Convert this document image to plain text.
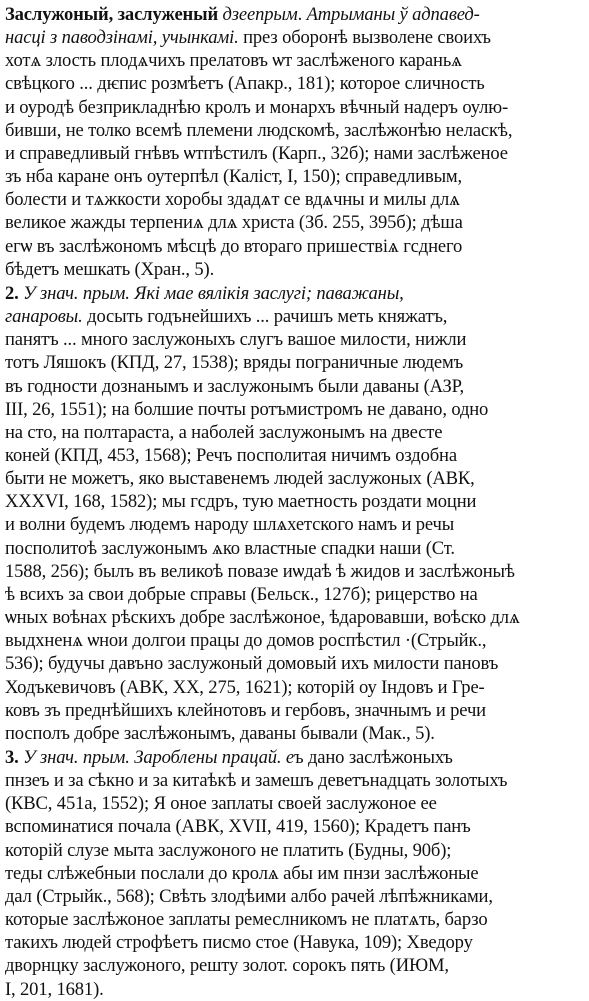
Заслужоный, заслуженый дзеепрым. Атрыманы ў адпавед-
насці з паводзінамі, учынкамі. през оборонѣ вызволене своихъ
хотѧ злость плодѧчихъ прелатовъ ѡт заслѣженого караньѧ
свѣцкого ... дѥпис розмѣетъ (Апакр., 181); которое сличность
и оуродѣ безприкладнѣю кролъ и монархъ вѣчный надеръ оулю-
бивши, не толко всемѣ племени людскомѣ, заслѣжонѣю неласкѣ,
и справедливый гнѣвъ ѡтпѣстилъ (Карп., 32б); нами заслѣженое
зъ нба каране онъ оутерпѣл (Каліст, I, 150); справедливым,
болести и тѧжкости хоробы здадѧт се вдѧчны и милы длѧ
великое жажды терпениѧ длѧ христа (Зб. 255, 395б); дѣша
егѡ въ заслѣжономъ мѣсцѣ до втораго пришествiѧ гсднего
бѣдетъ мешкать (Хран., 5).
2. У знач. прым. Які мае вялікія заслугі; паважаны,
ганаровы. досыть годънейшихъ ... рачишъ меть княжатъ,
панятъ ... много заслужоныхъ слугъ вашое милости, нижли
тотъ Ляшокъ (КПД, 27, 1538); вряды пограничные людемъ
въ годности дознанымъ и заслужонымъ были даваны (АЗР,
III, 26, 1551); на болшие почты ротъмистромъ не давано, одно
на сто, на полтараста, а наболей заслужонымъ на двесте
коней (КПД, 453, 1568); Речъ посполитая ничимъ оздобна
быти не можетъ, яко выставенемъ людей заслужоных (АВК,
XXXVI, 168, 1582); мы гсдръ, тую маетность роздати моцни
и волни будемъ людемъ народу шлѧхетского намъ и речы
посполитоѣ заслужонымъ ѧко властные спадки наши (Ст.
1588, 256); былъ въ великоѣ повазе иѡдаѣ ѣ жидов и заслѣжоныѣ
ѣ всихъ за свои добрые справы (Бельск., 127б); рицерство на
ѡных воѣнах рѣскихъ добре заслѣжоное, ѣдаровавши, воѣско длѧ
выдхненѧ ѡнои долгои працы до домов роспѣстил ·(Стрыйк.,
536); будучы давъно заслужоный домовый ихъ милости пановъ
Ходъкевичовъ (АВК, XX, 275, 1621); которій оу Індовъ и Гре-
ковъ зъ преднѣйшихъ клейнотовъ и гербовъ, значнымъ и речи
посполъ добре заслѣжонымъ, даваны бывали (Мак., 5).
3. У знач. прым. Зароблены працай. еъ дано заслѣжоныхъ
пнзеъ и за сѣкно и за китаѣкѣ и замешъ деветънадцать золотыхъ
(КВС, 451а, 1552); Я оное заплаты своей заслужоное ее
вспоминатися почала (АВК, XVII, 419, 1560); Крадетъ панъ
которій слузе мыта заслужоного не платить (Будны, 90б);
теды слѣжебныи послали до кролѧ абы им пнзи заслѣжоные
дал (Стрыйк., 568); Свѣть злодѣими албо рачей лѣпѣжниками,
которые заслѣжоное заплаты ремеслникомъ не платѧть, барзо
такихъ людей строфѣетъ писмо стое (Навука, 109); Хведору
дворнцку заслужоного, решту золот. сорокъ пять (ИЮМ,
I, 201, 1681).
